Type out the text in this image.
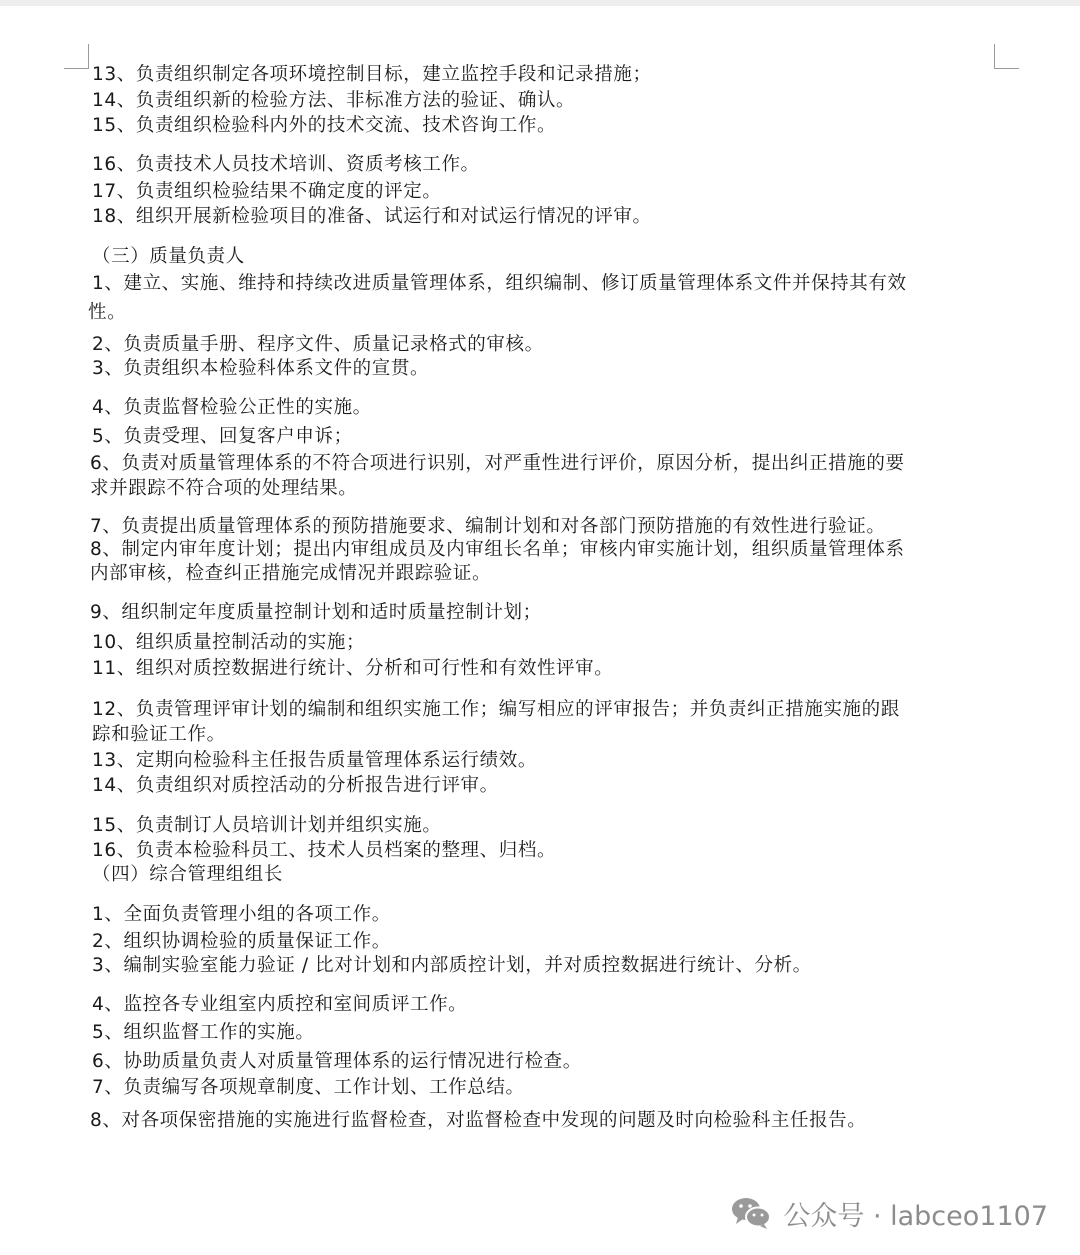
13、负责组织制定各项环境控制目标，建立监控手段和记录措施；
14、负责组织新的检验方法、非标准方法的验证、确认。
15、负责组织检验科内外的技术交流、技术咨询工作。
16、负责技术人员技术培训、资质考核工作。
17、负责组织检验结果不确定度的评定。
18、组织开展新检验项目的准备、试运行和对试运行情况的评审。
（三）质量负责人
1、建立、实施、维持和持续改进质量管理体系，组织编制、修订质量管理体系文件并保持其有效
性。
2、负责质量手册、程序文件、质量记录格式的审核。
3、负责组织本检验科体系文件的宣贯。
4、负责监督检验公正性的实施。
5、负责受理、回复客户申诉；
6、负责对质量管理体系的不符合项进行识别，对严重性进行评价，原因分析，提出纠正措施的要
求并跟踪不符合项的处理结果。
7、负责提出质量管理体系的预防措施要求、编制计划和对各部门预防措施的有效性进行验证。
8、制定内审年度计划；提出内审组成员及内审组长名单；审核内审实施计划，组织质量管理体系
内部审核，检查纠正措施完成情况并跟踪验证。
9、组织制定年度质量控制计划和适时质量控制计划；
10、组织质量控制活动的实施；
11、组织对质控数据进行统计、分析和可行性和有效性评审。
12、负责管理评审计划的编制和组织实施工作；编写相应的评审报告；并负责纠正措施实施的跟
踪和验证工作。
13、定期向检验科主任报告质量管理体系运行绩效。
14、负责组织对质控活动的分析报告进行评审。
15、负责制订人员培训计划并组织实施。
16、负责本检验科员工、技术人员档案的整理、归档。
（四）综合管理组组长
1、全面负责管理小组的各项工作。
2、组织协调检验的质量保证工作。
3、编制实验室能力验证 / 比对计划和内部质控计划，并对质控数据进行统计、分析。
4、监控各专业组室内质控和室间质评工作。
5、组织监督工作的实施。
6、协助质量负责人对质量管理体系的运行情况进行检查。
7、负责编写各项规章制度、工作计划、工作总结。
8、对各项保密措施的实施进行监督检查，对监督检查中发现的问题及时向检验科主任报告。
公众号 · labceo1107
